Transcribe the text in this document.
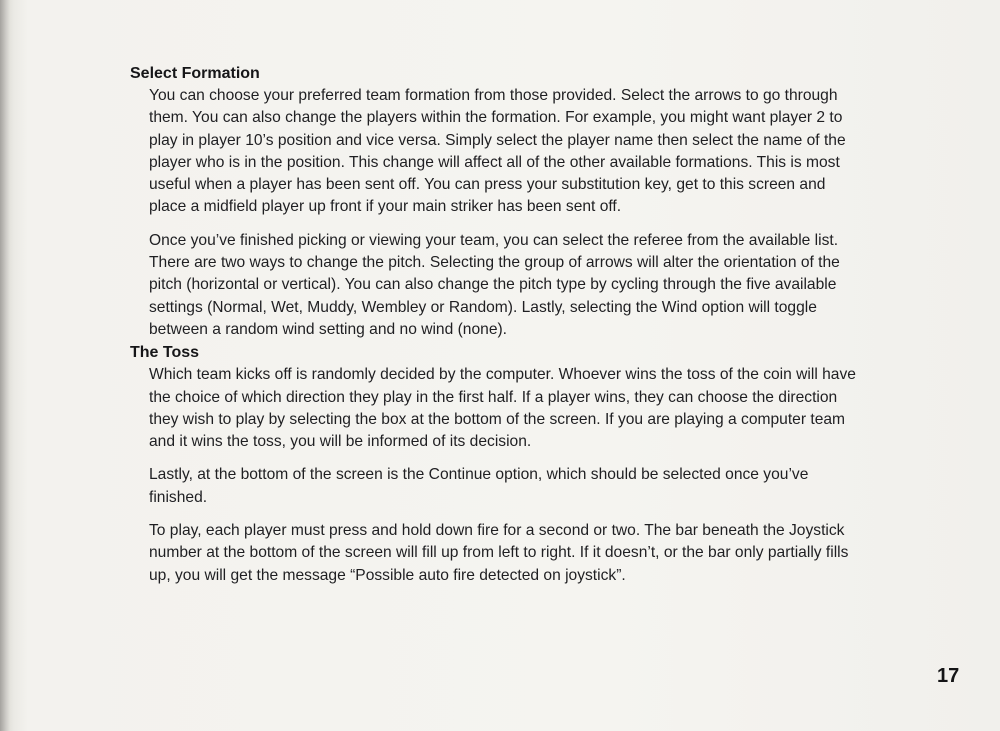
Select Formation

You can choose your preferred team formation from those provided. Select the arrows to go through them. You can also change the players within the formation. For example, you might want player 2 to play in player 10’s position and vice versa. Simply select the player name then select the name of the player who is in the position. This change will affect all of the other available formations. This is most useful when a player has been sent off. You can press your substitution key, get to this screen and place a midfield player up front if your main striker has been sent off.

Once you’ve finished picking or viewing your team, you can select the referee from the available list. There are two ways to change the pitch. Selecting the group of arrows will alter the orientation of the pitch (horizontal or vertical). You can also change the pitch type by cycling through the five available settings (Normal, Wet, Muddy, Wembley or Random). Lastly, selecting the Wind option will toggle between a random wind setting and no wind (none).

The Toss

Which team kicks off is randomly decided by the computer. Whoever wins the toss of the coin will have the choice of which direction they play in the first half. If a player wins, they can choose the direction they wish to play by selecting the box at the bottom of the screen. If you are playing a computer team and it wins the toss, you will be informed of its decision.

Lastly, at the bottom of the screen is the Continue option, which should be selected once you’ve finished.

To play, each player must press and hold down fire for a second or two. The bar beneath the Joystick number at the bottom of the screen will fill up from left to right. If it doesn’t, or the bar only partially fills up, you will get the message “Possible auto fire detected on joystick”.

17
